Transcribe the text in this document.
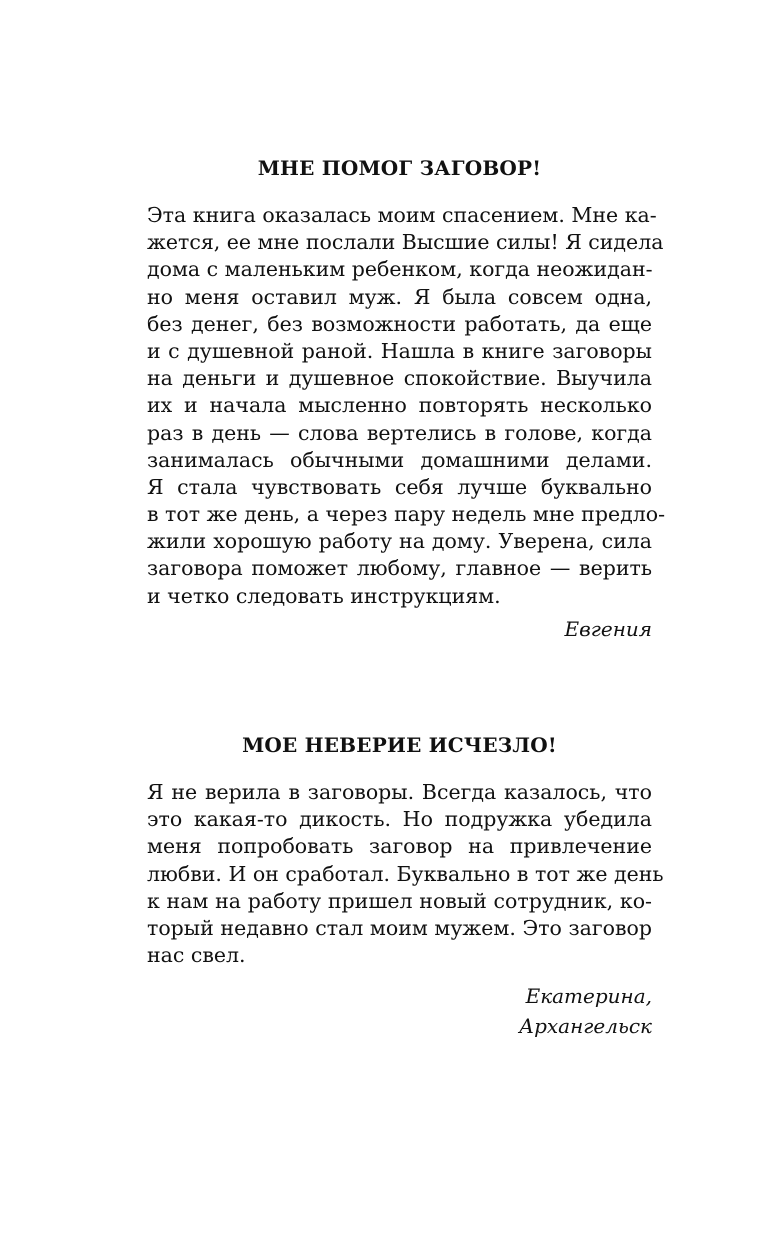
МНЕ ПОМОГ ЗАГОВОР!
Эта книга оказалась моим спасением. Мне ка-
жется, ее мне послали Высшие силы! Я сидела
дома с маленьким ребенком, когда неожидан-
но меня оставил муж. Я была совсем одна,
без денег, без возможности работать, да еще
и с душевной раной. Нашла в книге заговоры
на деньги и душевное спокойствие. Выучила
их и начала мысленно повторять несколько
раз в день — слова вертелись в голове, когда
занималась обычными домашними делами.
Я стала чувствовать себя лучше буквально
в тот же день, а через пару недель мне предло-
жили хорошую работу на дому. Уверена, сила
заговора поможет любому, главное — верить
и четко следовать инструкциям.
Евгения
МОЕ НЕВЕРИЕ ИСЧЕЗЛО!
Я не верила в заговоры. Всегда казалось, что
это какая-то дикость. Но подружка убедила
меня попробовать заговор на привлечение
любви. И он сработал. Буквально в тот же день
к нам на работу пришел новый сотрудник, ко-
торый недавно стал моим мужем. Это заговор
нас свел.
Екатерина,
Архангельск
